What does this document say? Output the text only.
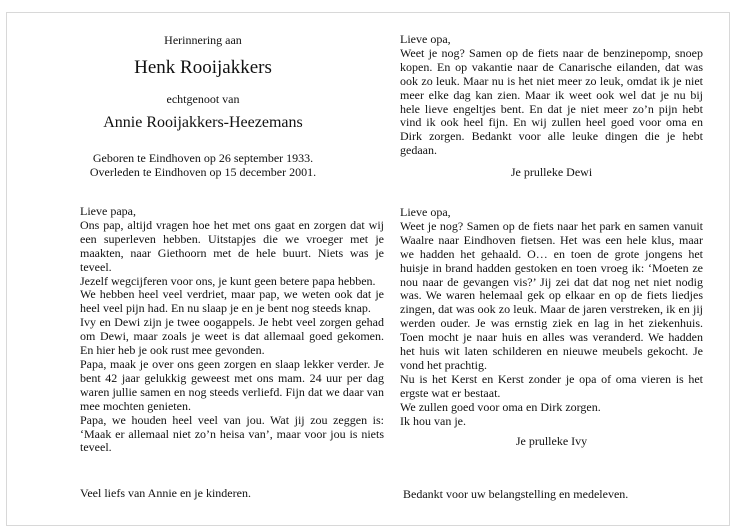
Herinnering aan
Henk Rooijakkers
echtgenoot van
Annie Rooijakkers-Heezemans
Geboren te Eindhoven op 26 september 1933.
Overleden te Eindhoven op 15 december 2001.

Lieve papa,

Ons pap, altijd vragen hoe het met ons gaat en zorgen dat wij een superleven hebben. Uitstapjes die we vroeger met je maakten, naar Giethoorn met de hele buurt. Niets was je teveel.

Jezelf wegcijferen voor ons, je kunt geen betere papa hebben.

We hebben heel veel verdriet, maar pap, we weten ook dat je heel veel pijn had. En nu slaap je en je bent nog steeds knap.

Ivy en Dewi zijn je twee oogappels. Je hebt veel zorgen gehad om Dewi, maar zoals je weet is dat allemaal goed gekomen. En hier heb je ook rust mee gevonden.

Papa, maak je over ons geen zorgen en slaap lekker verder. Je bent 42 jaar gelukkig geweest met ons mam. 24 uur per dag waren jullie samen en nog steeds verliefd. Fijn dat we daar van mee mochten genieten.

Papa, we houden heel veel van jou. Wat jij zou zeggen is: ‘Maak er allemaal niet zo’n heisa van’, maar voor jou is niets teveel.

Veel liefs van Annie en je kinderen.

Lieve opa,

Weet je nog? Samen op de fiets naar de benzinepomp, snoep kopen. En op vakantie naar de Canarische eilanden, dat was ook zo leuk. Maar nu is het niet meer zo leuk, omdat ik je niet meer elke dag kan zien. Maar ik weet ook wel dat je nu bij hele lieve engeltjes bent. En dat je niet meer zo’n pijn hebt vind ik ook heel fijn. En wij zullen heel goed voor oma en Dirk zorgen. Bedankt voor alle leuke dingen die je hebt gedaan.

Je prulleke Dewi

Lieve opa,

Weet je nog? Samen op de fiets naar het park en samen vanuit Waalre naar Eindhoven fietsen. Het was een hele klus, maar we hadden het gehaald. O… en toen de grote jongens het huisje in brand hadden gestoken en toen vroeg ik: ‘Moeten ze nou naar de gevangen vis?’ Jij zei dat dat nog net niet nodig was. We waren helemaal gek op elkaar en op de fiets liedjes zingen, dat was ook zo leuk. Maar de jaren verstreken, ik en jij werden ouder. Je was ernstig ziek en lag in het ziekenhuis. Toen mocht je naar huis en alles was veranderd. We hadden het huis wit laten schilderen en nieuwe meubels gekocht. Je vond het prachtig.

Nu is het Kerst en Kerst zonder je opa of oma vieren is het ergste wat er bestaat.

We zullen goed voor oma en Dirk zorgen.

Ik hou van je.

Je prulleke Ivy
Bedankt voor uw belangstelling en medeleven.
